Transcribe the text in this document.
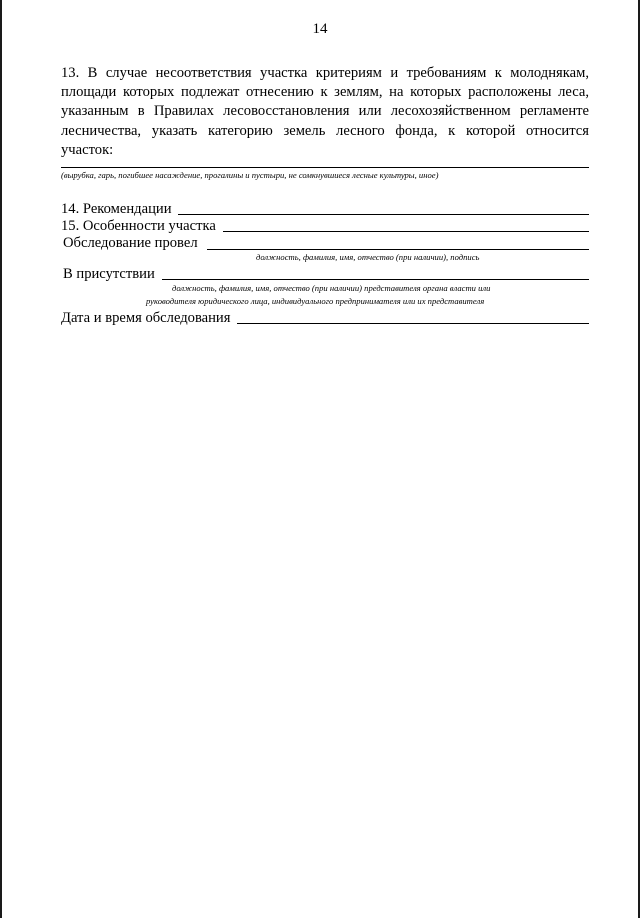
14
13. В случае несоответствия участка критериям и требованиям к молоднякам,
площади которых подлежат отнесению к землям, на которых расположены леса,
указанным в Правилах лесовосстановления или лесохозяйственном регламенте
лесничества, указать категорию земель лесного фонда, к которой относится
участок:
(вырубка, гарь, погибшее насаждение, прогалины и пустыри, не сомкнувшиеся лесные культуры, иное)
14. Рекомендации
15. Особенности участка
Обследование провел
должность, фамилия, имя, отчество (при наличии), подпись
В присутствии
должность, фамилия, имя, отчество (при наличии) представителя органа власти или
руководителя юридического лица, индивидуального предпринимателя или их представителя
Дата и время обследования
